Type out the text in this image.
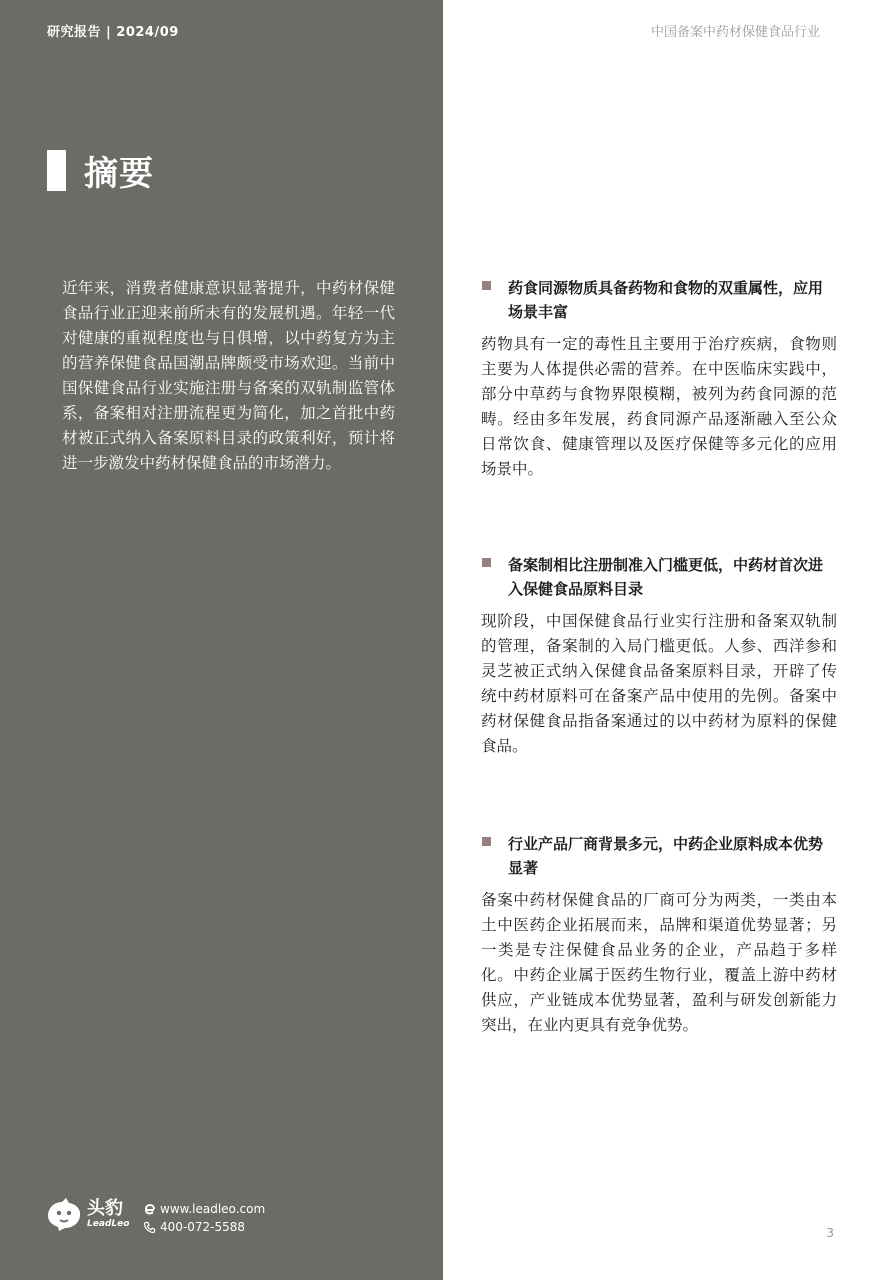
研究报告 | 2024/09	中国备案中药材保健食品行业
摘要

近年来，消费者健康意识显著提升，中药材保健食品行业正迎来前所未有的发展机遇。年轻一代对健康的重视程度也与日俱增，以中药复方为主的营养保健食品国潮品牌颇受市场欢迎。当前中国保健食品行业实施注册与备案的双轨制监管体系，备案相对注册流程更为简化，加之首批中药材被正式纳入备案原料目录的政策利好，预计将进一步激发中药材保健食品的市场潜力。

药食同源物质具备药物和食物的双重属性，应用场景丰富

药物具有一定的毒性且主要用于治疗疾病，食物则主要为人体提供必需的营养。在中医临床实践中，部分中草药与食物界限模糊，被列为药食同源的范畴。经由多年发展，药食同源产品逐渐融入至公众日常饮食、健康管理以及医疗保健等多元化的应用场景中。

备案制相比注册制准入门槛更低，中药材首次进入保健食品原料目录

现阶段，中国保健食品行业实行注册和备案双轨制的管理，备案制的入局门槛更低。人参、西洋参和灵芝被正式纳入保健食品备案原料目录，开辟了传统中药材原料可在备案产品中使用的先例。备案中药材保健食品指备案通过的以中药材为原料的保健食品。

行业产品厂商背景多元，中药企业原料成本优势显著

备案中药材保健食品的厂商可分为两类，一类由本土中医药企业拓展而来，品牌和渠道优势显著；另一类是专注保健食品业务的企业，产品趋于多样化。中药企业属于医药生物行业，覆盖上游中药材供应，产业链成本优势显著，盈利与研发创新能力突出，在业内更具有竞争优势。

头豹
LeadLeo
www.leadleo.com
400-072-5588	3
